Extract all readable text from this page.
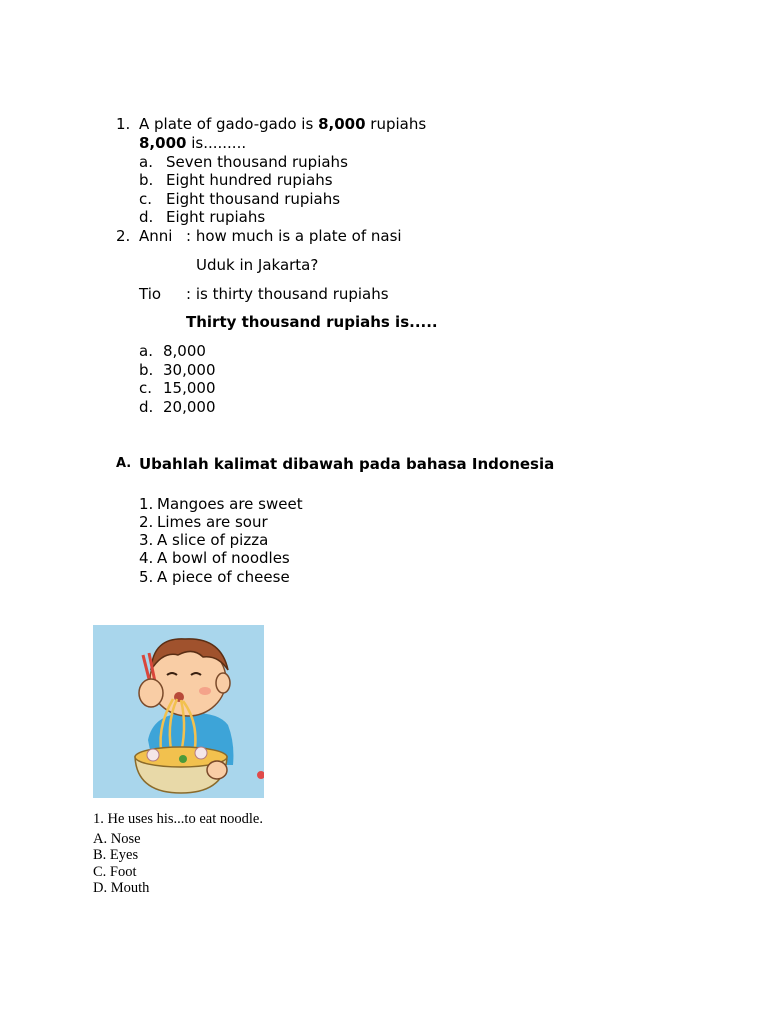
1. A plate of gado-gado is 8,000 rupiahs
8,000 is.........
a. Seven thousand rupiahs
b. Eight hundred rupiahs
c. Eight thousand rupiahs
d. Eight rupiahs
2. Anni : how much is a plate of nasi
Uduk in Jakarta?
Tio : is thirty thousand rupiahs
Thirty thousand rupiahs is.....
a. 8,000
b. 30,000
c. 15,000
d. 20,000
A. Ubahlah kalimat dibawah pada bahasa Indonesia
1. Mangoes are sweet
2. Limes are sour
3. A slice of pizza
4. A bowl of noodles
5. A piece of cheese
1. He uses his...to eat noodle.
A. Nose
B. Eyes
C. Foot
D. Mouth
